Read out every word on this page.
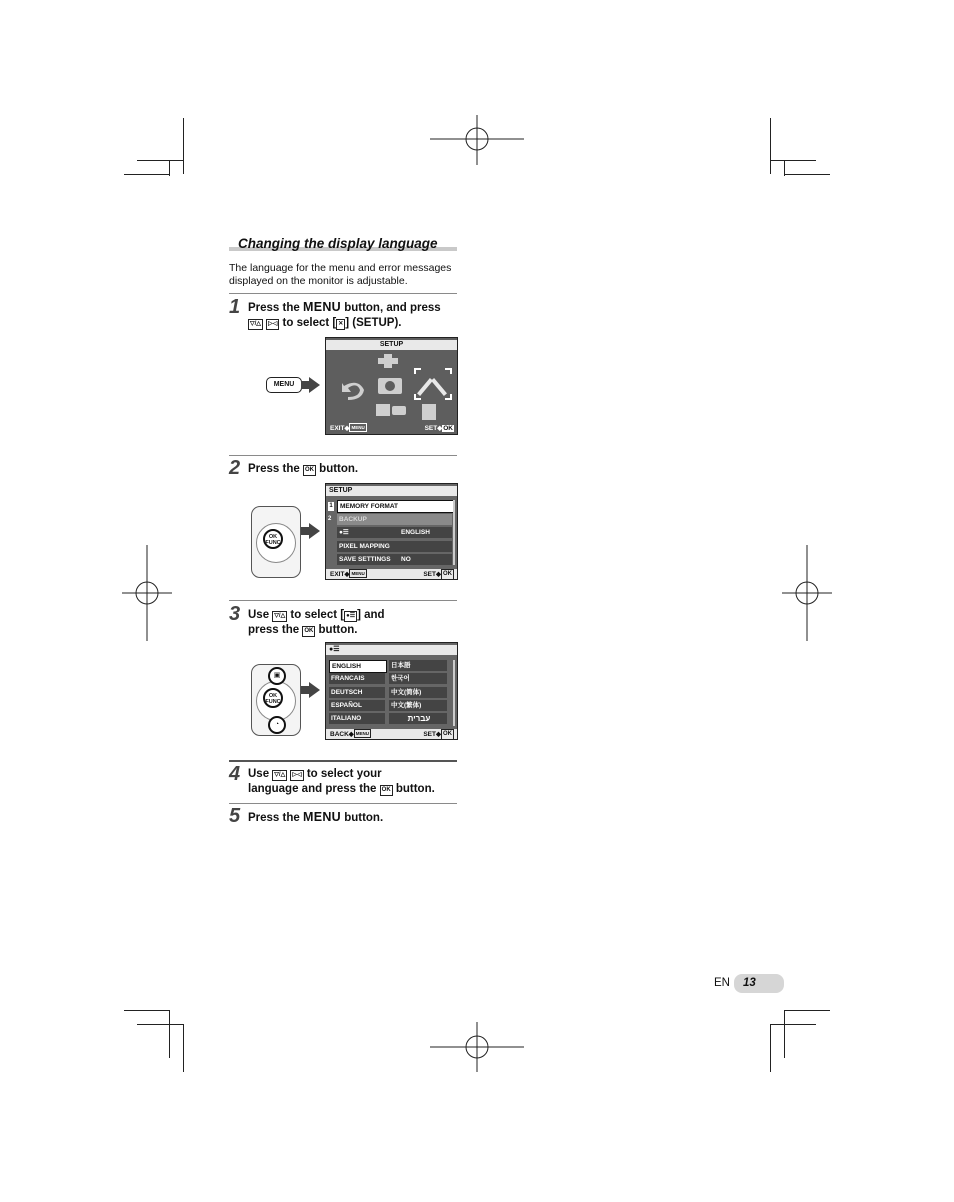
Changing the display language
The language for the menu and error messages displayed on the monitor is adjustable.
1 Press the MENU button, and press
▽/△ ▷◁ to select [ ✕ ] (SETUP).
MENU
SETUP
EXIT◆ MENU	SET◆OK
2 Press the OK button.
OK
FUNC
SETUP
1
2
MEMORY FORMAT
BACKUP
●☰	ENGLISH
PIXEL MAPPING
SAVE SETTINGS	NO
EXIT◆ MENU	SET◆ OK
3 Use ▽/△ to select [ ●☰ ] and
press the OK button.
▣
OK
FUNC
◔
●☰
ENGLISH	日本語
FRANCAIS	한국어
DEUTSCH	中文(简体)
ESPAÑOL	中文(繁体)
ITALIANO	עברית
BACK◆ MENU	SET◆ OK
4 Use ▽/△ ▷◁ to select your
language and press the OK button.
5 Press the MENU button.
EN	13
